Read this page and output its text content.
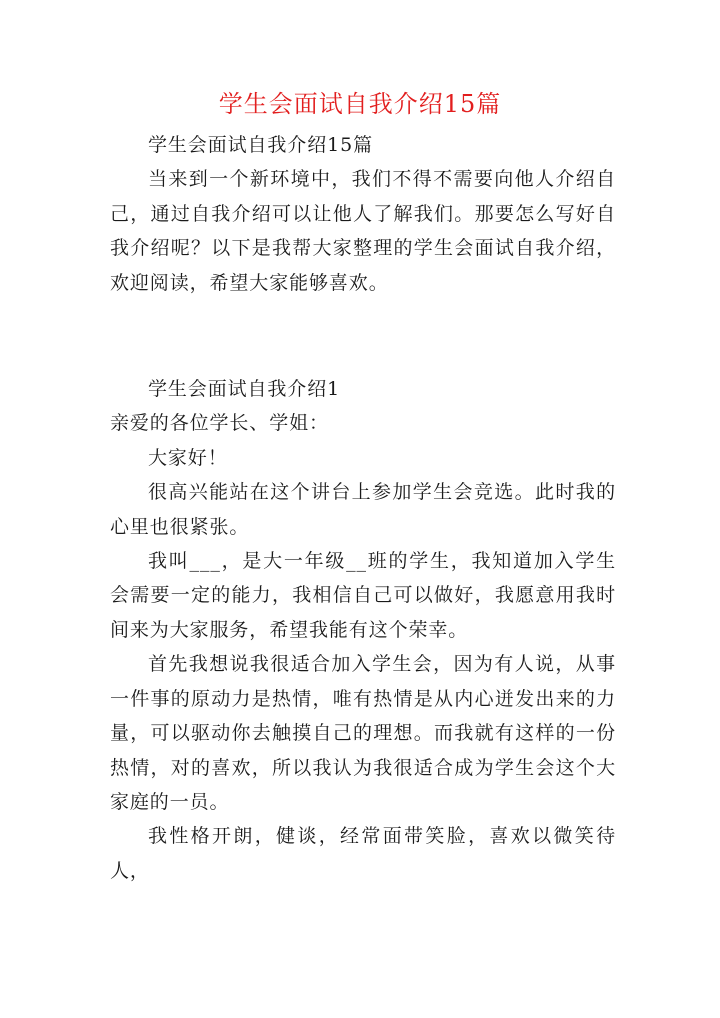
学生会面试自我介绍15篇

学生会面试自我介绍15篇

当来到一个新环境中，我们不得不需要向他人介绍自己，通过自我介绍可以让他人了解我们。那要怎么写好自我介绍呢？以下是我帮大家整理的学生会面试自我介绍，欢迎阅读，希望大家能够喜欢。

学生会面试自我介绍1

亲爱的各位学长、学姐：

大家好！

很高兴能站在这个讲台上参加学生会竞选。此时我的心里也很紧张。

我叫___，是大一年级__班的学生，我知道加入学生会需要一定的能力，我相信自己可以做好，我愿意用我时间来为大家服务，希望我能有这个荣幸。

首先我想说我很适合加入学生会，因为有人说，从事一件事的原动力是热情，唯有热情是从内心迸发出来的力量，可以驱动你去触摸自己的理想。而我就有这样的一份热情，对的喜欢，所以我认为我很适合成为学生会这个大家庭的一员。

我性格开朗，健谈，经常面带笑脸，喜欢以微笑待人，
